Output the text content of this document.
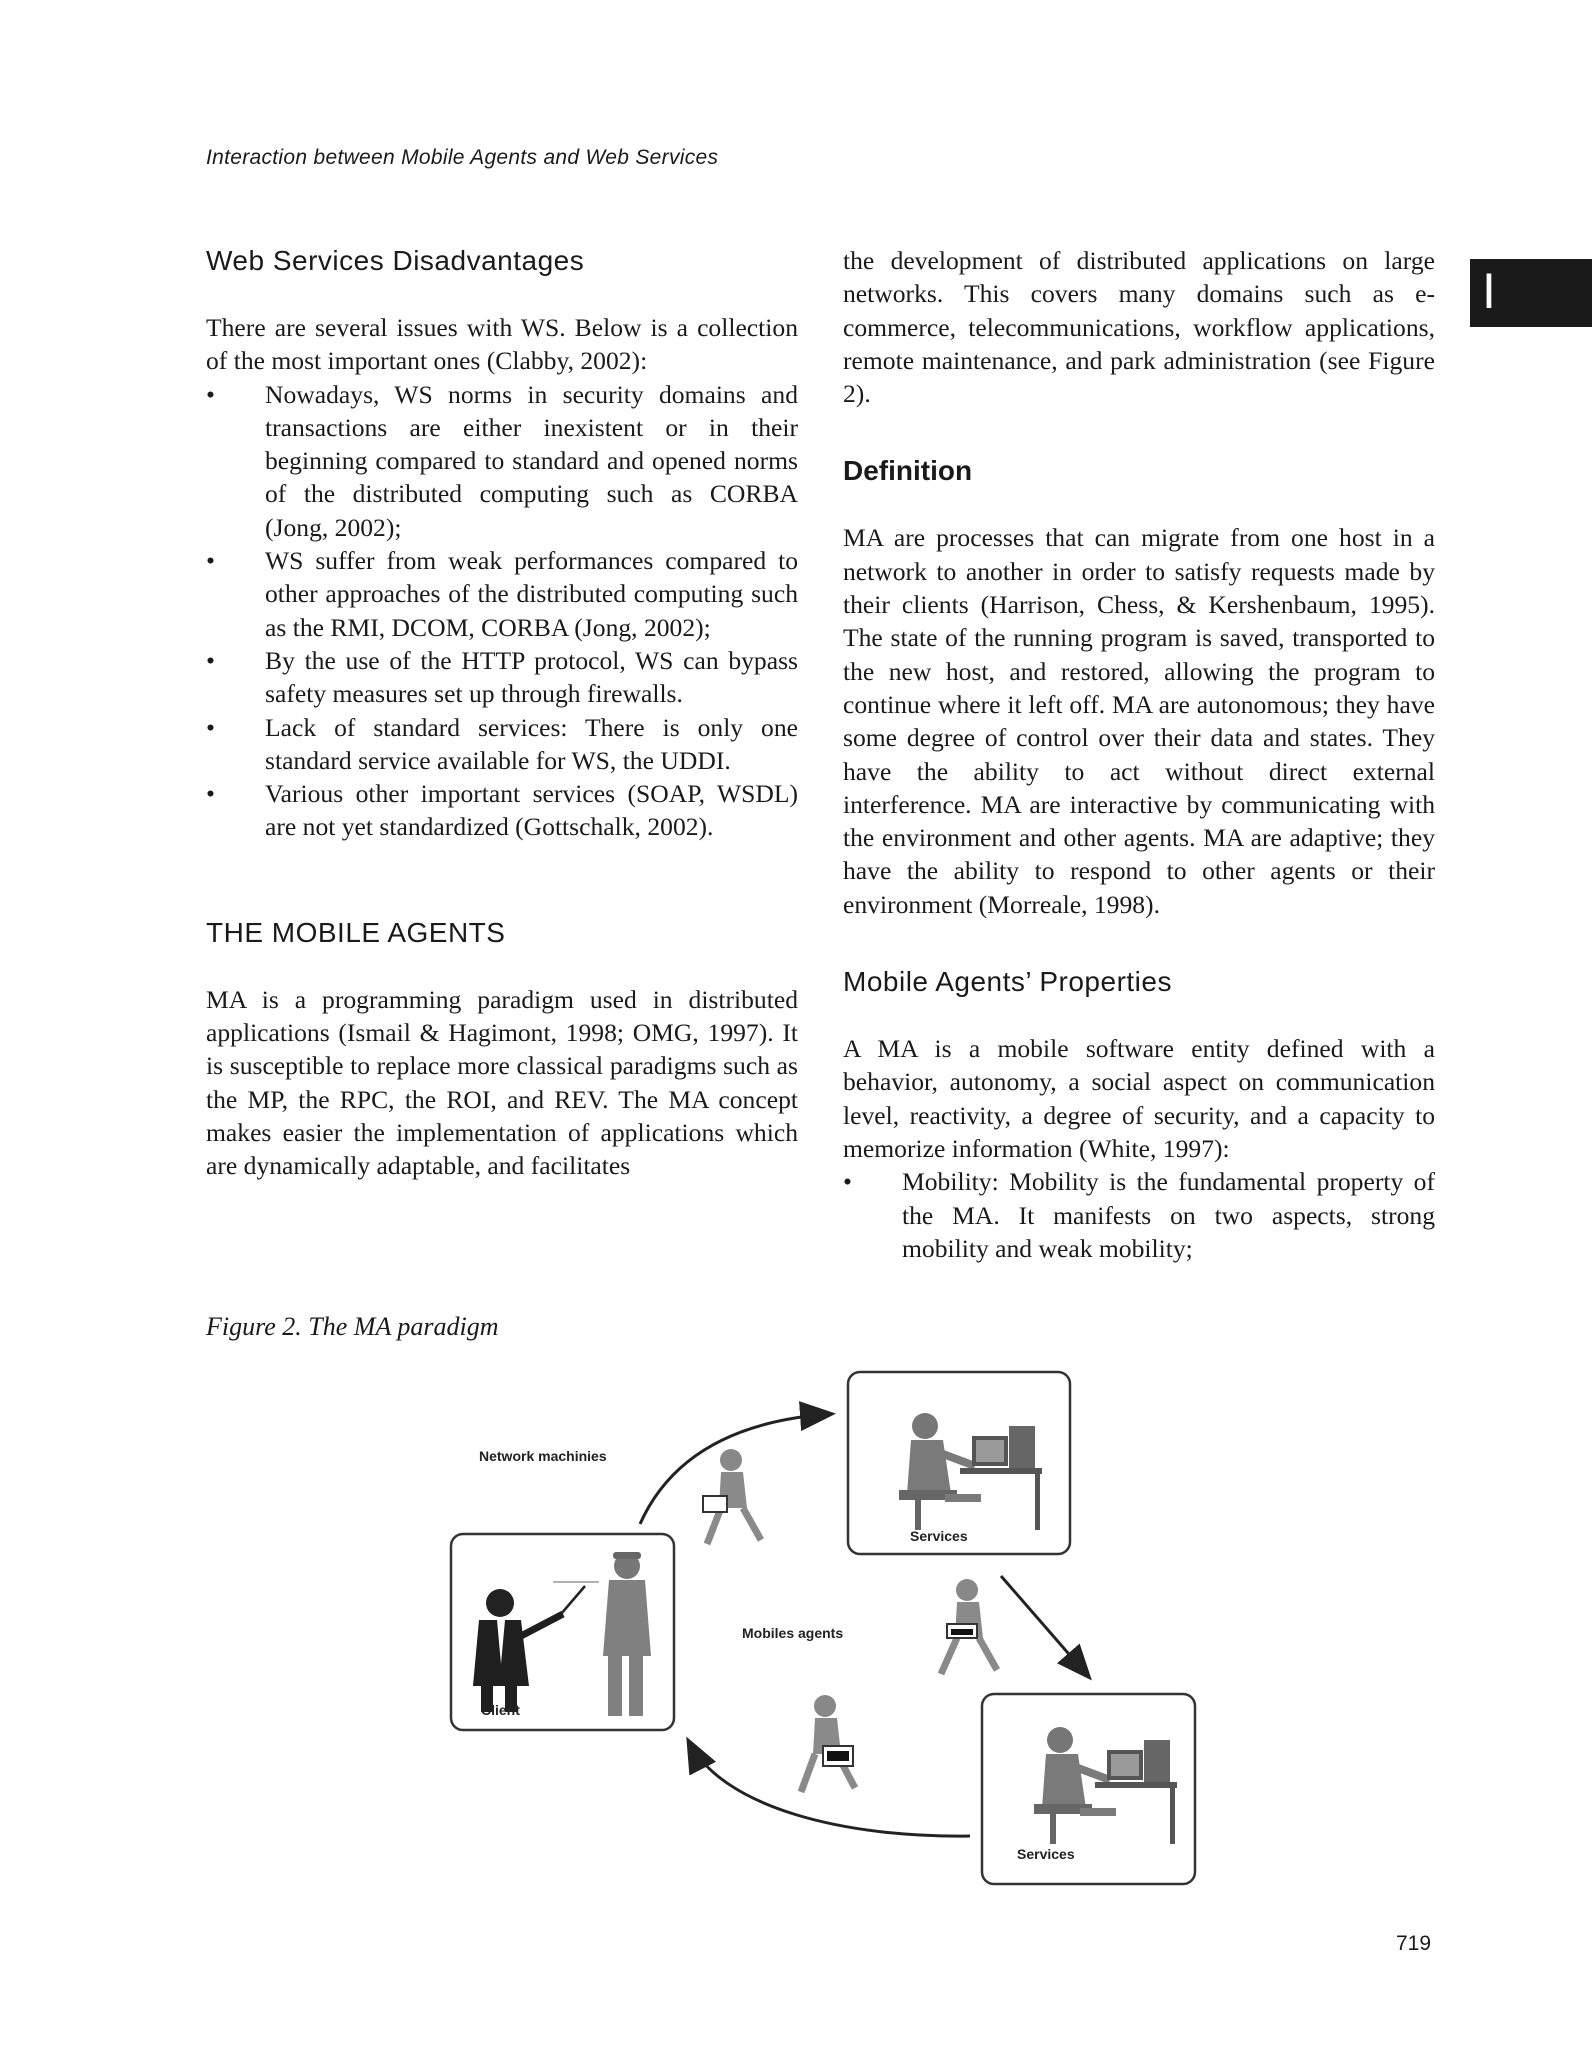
Interaction between Mobile Agents and Web Services
I
Web Services Disadvantages

There are several issues with WS. Below is a collection of the most important ones (Clabby, 2002):

• Nowadays, WS norms in security domains and transactions are either inexistent or in their beginning compared to standard and opened norms of the distributed computing such as CORBA (Jong, 2002);
• WS suffer from weak performances compared to other approaches of the distributed computing such as the RMI, DCOM, CORBA (Jong, 2002);
• By the use of the HTTP protocol, WS can bypass safety measures set up through firewalls.
• Lack of standard services: There is only one standard service available for WS, the UDDI.
• Various other important services (SOAP, WSDL) are not yet standardized (Gottschalk, 2002).
THE MOBILE AGENTS

MA is a programming paradigm used in distributed applications (Ismail & Hagimont, 1998; OMG, 1997). It is susceptible to replace more classical paradigms such as the MP, the RPC, the ROI, and REV. The MA concept makes easier the implementation of applications which are dynamically adaptable, and facilitates

the development of distributed applications on large networks. This covers many domains such as e-commerce, telecommunications, workflow applications, remote maintenance, and park administration (see Figure 2).

Definition

MA are processes that can migrate from one host in a network to another in order to satisfy requests made by their clients (Harrison, Chess, & Kershenbaum, 1995). The state of the running program is saved, transported to the new host, and restored, allowing the program to continue where it left off. MA are autonomous; they have some degree of control over their data and states. They have the ability to act without direct external interference. MA are interactive by communicating with the environment and other agents. MA are adaptive; they have the ability to respond to other agents or their environment (Morreale, 1998).

Mobile Agents’ Properties

A MA is a mobile software entity defined with a behavior, autonomy, a social aspect on communication level, reactivity, a degree of security, and a capacity to memorize information (White, 1997):

• Mobility: Mobility is the fundamental property of the MA. It manifests on two aspects, strong mobility and weak mobility;
Figure 2. The MA paradigm
Network machinies
Services
Client
Mobiles agents
Services
719
